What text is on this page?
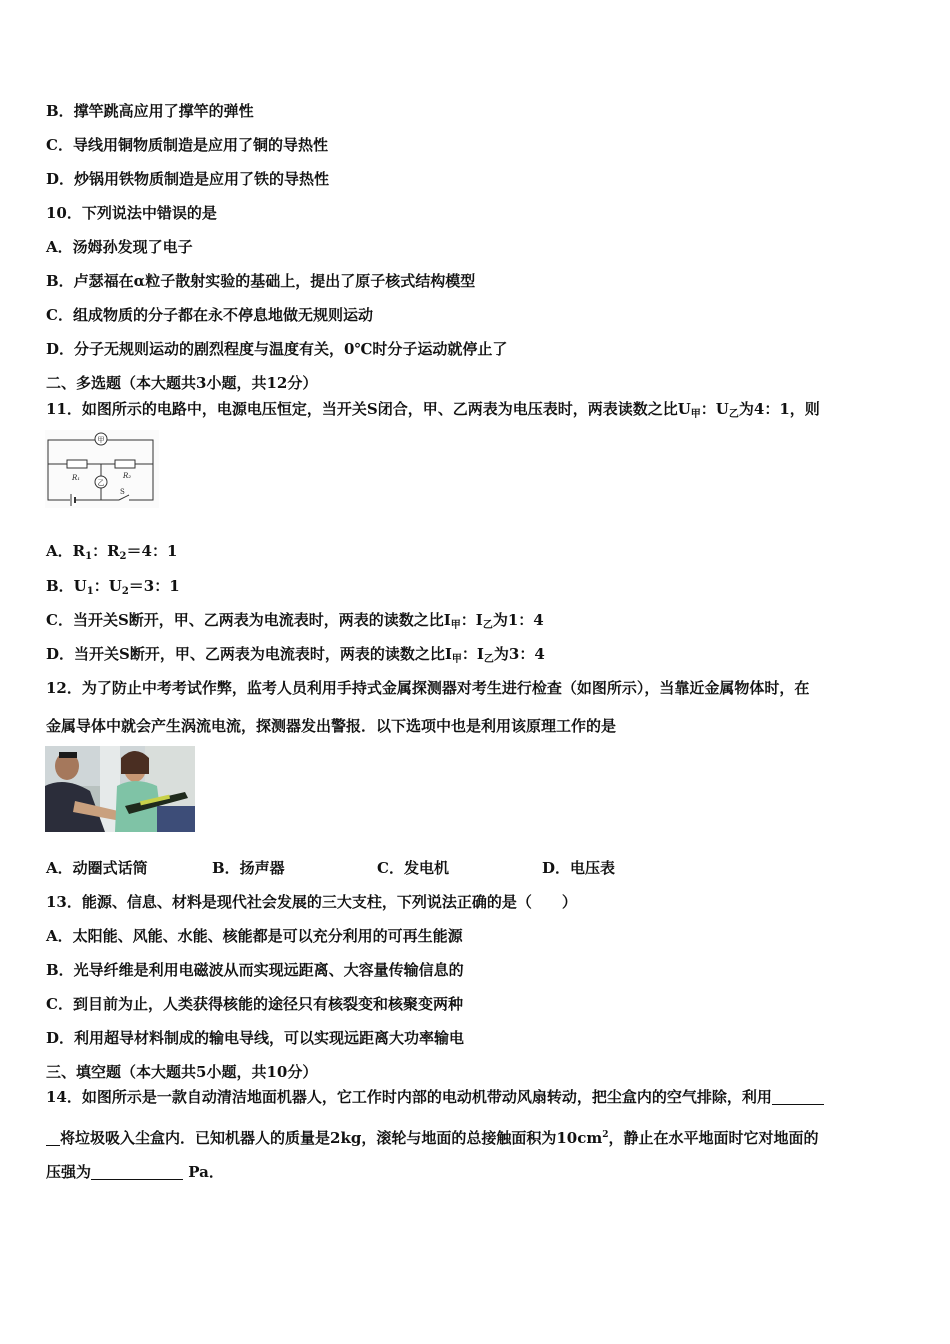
B．撑竿跳高应用了撑竿的弹性
C．导线用铜物质制造是应用了铜的导热性
D．炒锅用铁物质制造是应用了铁的导热性
10．下列说法中错误的是
A．汤姆孙发现了电子
B．卢瑟福在α粒子散射实验的基础上，提出了原子核式结构模型
C．组成物质的分子都在永不停息地做无规则运动
D．分子无规则运动的剧烈程度与温度有关，0℃时分子运动就停止了
二、多选题（本大题共3小题，共12分）
11．如图所示的电路中，电源电压恒定，当开关S闭合，甲、乙两表为电压表时，两表读数之比$U_甲$：$U_乙$为4：1，则
甲
乙
R₁	R₂
S
A．$R_1$：$R_2=4$：1
B．$U_1$：$U_2=3$：1
C．当开关S断开，甲、乙两表为电流表时，两表的读数之比$I_甲$：$I_乙$为1：4
D．当开关S断开，甲、乙两表为电流表时，两表的读数之比$I_甲$：$I_乙$为3：4
12．为了防止中考考试作弊，监考人员利用手持式金属探测器对考生进行检查（如图所示），当靠近金属物体时，在
金属导体中就会产生涡流电流，探测器发出警报．以下选项中也是利用该原理工作的是
A．动圈式话筒	B．扬声器	C．发电机	D．电压表
13．能源、信息、材料是现代社会发展的三大支柱，下列说法正确的是（　　）
A．太阳能、风能、水能、核能都是可以充分利用的可再生能源
B．光导纤维是利用电磁波从而实现远距离、大容量传输信息的
C．到目前为止，人类获得核能的途径只有核裂变和核聚变两种
D．利用超导材料制成的输电导线，可以实现远距离大功率输电
三、填空题（本大题共5小题，共10分）
14．如图所示是一款自动清洁地面机器人，它工作时内部的电动机带动风扇转动，把尘盒内的空气排除，利用
将垃圾吸入尘盒内．已知机器人的质量是2kg，滚轮与地面的总接触面积为$10cm^2$，静止在水平地面时它对地面的
压强为	Pa．
